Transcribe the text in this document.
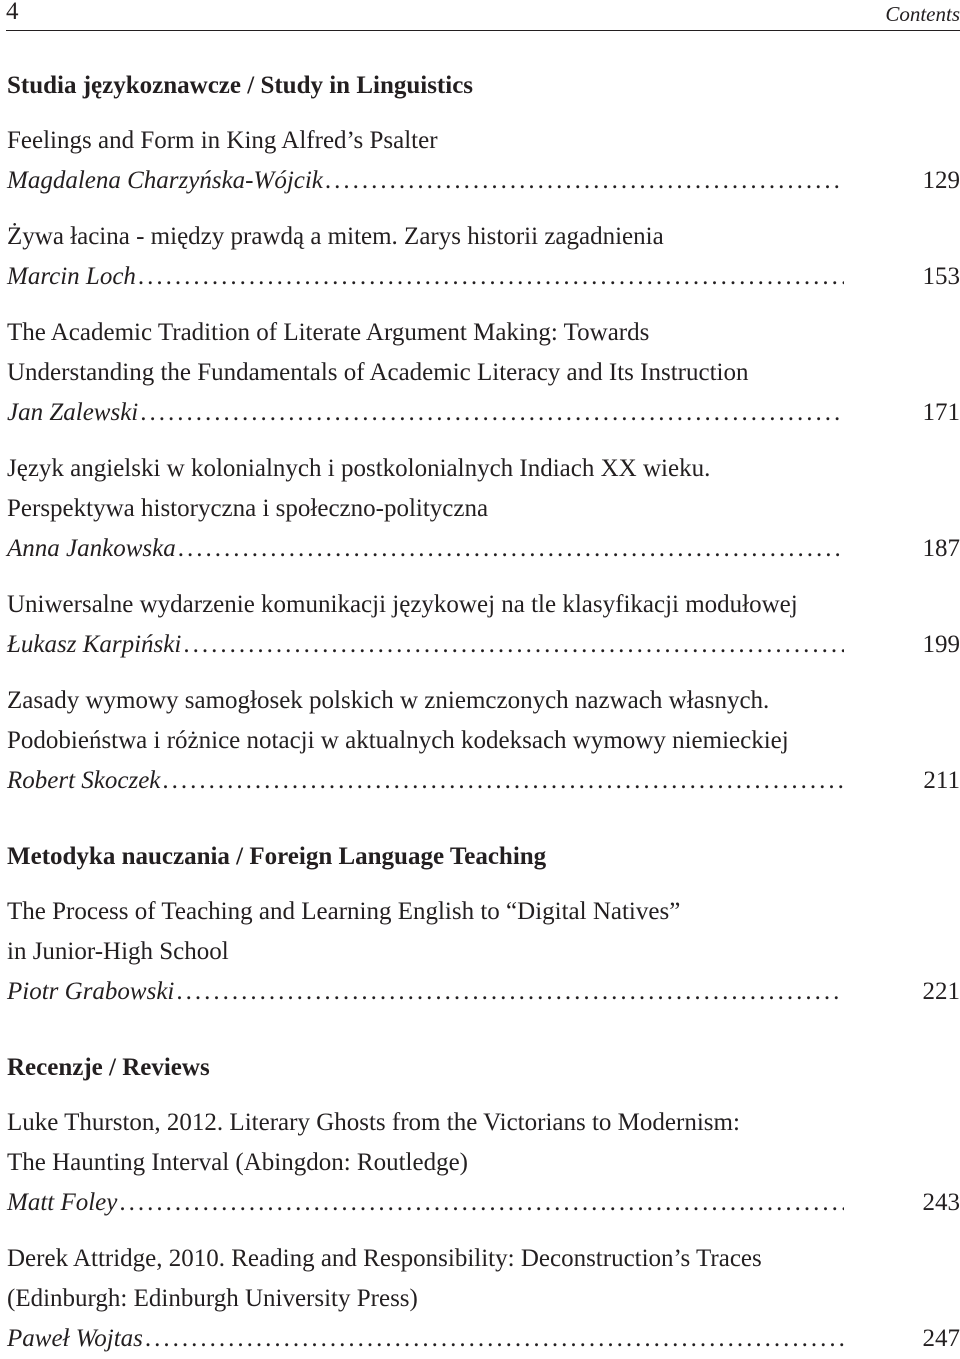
4	Contents
Studia językoznawcze / Study in Linguistics
Feelings and Form in King Alfred’s Psalter
Magdalena Charzyńska-Wójcik .....	129
Żywa łacina - między prawdą a mitem. Zarys historii zagadnienia
Marcin Loch .....	153
The Academic Tradition of Literate Argument Making: Towards
Understanding the Fundamentals of Academic Literacy and Its Instruction
Jan Zalewski .....	171
Język angielski w kolonialnych i postkolonialnych Indiach XX wieku.
Perspektywa historyczna i społeczno-polityczna
Anna Jankowska .....	187
Uniwersalne wydarzenie komunikacji językowej na tle klasyfikacji modułowej
Łukasz Karpiński .....	199
Zasady wymowy samogłosek polskich w zniemczonych nazwach własnych.
Podobieństwa i różnice notacji w aktualnych kodeksach wymowy niemieckiej
Robert Skoczek .....	211
Metodyka nauczania / Foreign Language Teaching
The Process of Teaching and Learning English to “Digital Natives”
in Junior-High School
Piotr Grabowski .....	221
Recenzje / Reviews
Luke Thurston, 2012. Literary Ghosts from the Victorians to Modernism:
The Haunting Interval (Abingdon: Routledge)
Matt Foley .....	243
Derek Attridge, 2010. Reading and Responsibility: Deconstruction’s Traces
(Edinburgh: Edinburgh University Press)
Paweł Wojtas .....	247
